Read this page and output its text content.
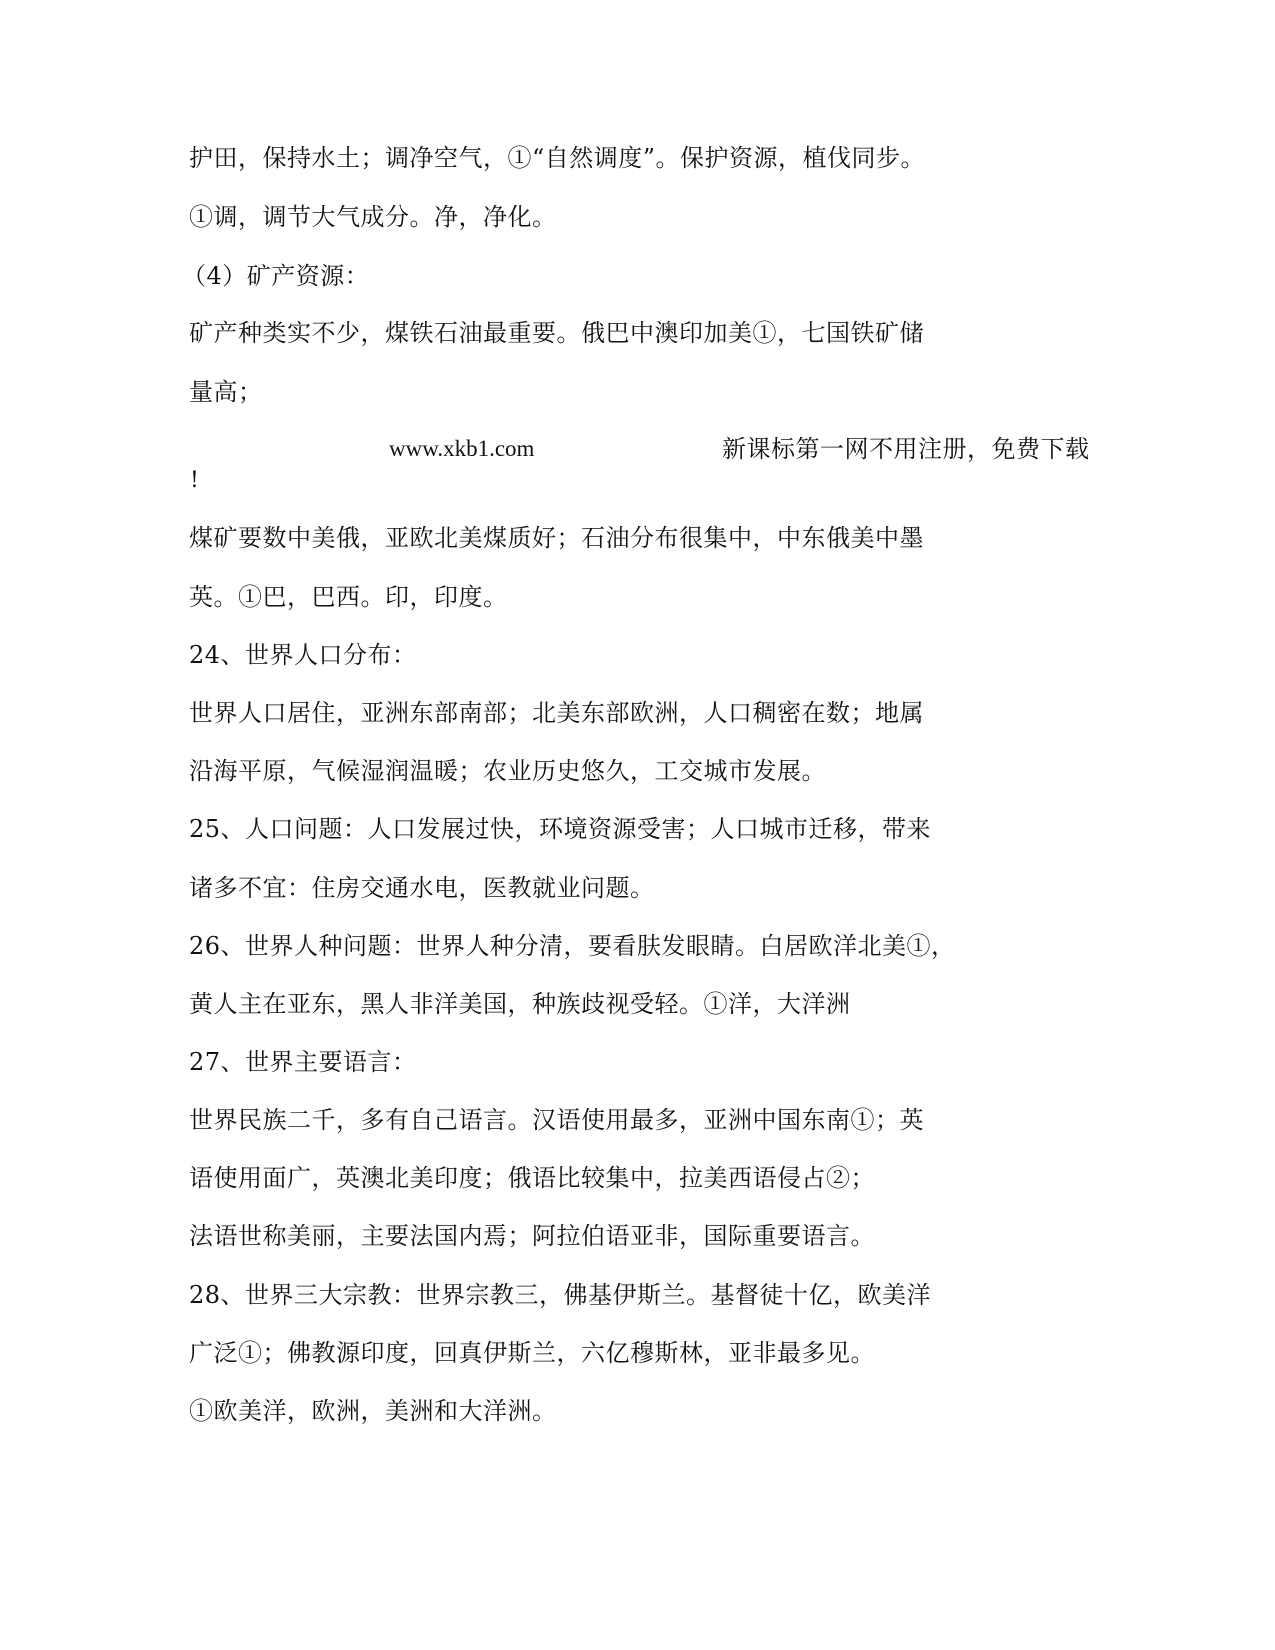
护田，保持水土；调净空气，①“自然调度”。保护资源，植伐同步。
①调，调节大气成分。净，净化。
（4）矿产资源：
矿产种类实不少，煤铁石油最重要。俄巴中澳印加美①，七国铁矿储
量高；
www.xkb1.com	新课标第一网不用注册，免费下载
!
煤矿要数中美俄，亚欧北美煤质好；石油分布很集中，中东俄美中墨
英。①巴，巴西。印，印度。
24、世界人口分布：
世界人口居住，亚洲东部南部；北美东部欧洲，人口稠密在数；地属
沿海平原，气候湿润温暖；农业历史悠久，工交城市发展。
25、人口问题：人口发展过快，环境资源受害；人口城市迁移，带来
诸多不宜：住房交通水电，医教就业问题。
26、世界人种问题：世界人种分清，要看肤发眼睛。白居欧洋北美①，
黄人主在亚东，黑人非洋美国，种族歧视受轻。①洋，大洋洲
27、世界主要语言：
世界民族二千，多有自己语言。汉语使用最多，亚洲中国东南①；英
语使用面广，英澳北美印度；俄语比较集中，拉美西语侵占②；
法语世称美丽，主要法国内焉；阿拉伯语亚非，国际重要语言。
28、世界三大宗教：世界宗教三，佛基伊斯兰。基督徒十亿，欧美洋
广泛①；佛教源印度，回真伊斯兰，六亿穆斯林，亚非最多见。
①欧美洋，欧洲，美洲和大洋洲。
